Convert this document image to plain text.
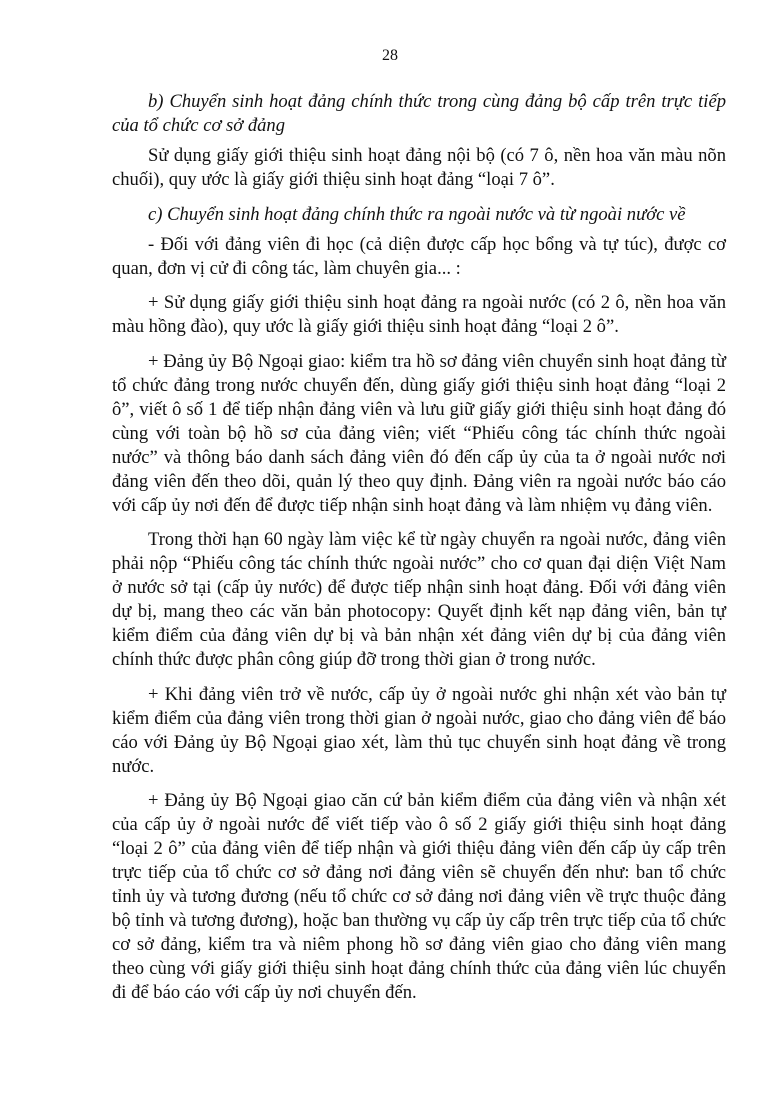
28

b) Chuyển sinh hoạt đảng chính thức trong cùng đảng bộ cấp trên trực tiếp của tổ chức cơ sở đảng

Sử dụng giấy giới thiệu sinh hoạt đảng nội bộ (có 7 ô, nền hoa văn màu nõn chuối), quy ước là giấy giới thiệu sinh hoạt đảng “loại 7 ô”.

c) Chuyển sinh hoạt đảng chính thức ra ngoài nước và từ ngoài nước về

- Đối với đảng viên đi học (cả diện được cấp học bổng và tự túc), được cơ quan, đơn vị cử đi công tác, làm chuyên gia... :

+ Sử dụng giấy giới thiệu sinh hoạt đảng ra ngoài nước (có 2 ô, nền hoa văn màu hồng đào), quy ước là giấy giới thiệu sinh hoạt đảng “loại 2 ô”.

+ Đảng ủy Bộ Ngoại giao: kiểm tra hồ sơ đảng viên chuyển sinh hoạt đảng từ tổ chức đảng trong nước chuyển đến, dùng giấy giới thiệu sinh hoạt đảng “loại 2 ô”, viết ô số 1 để tiếp nhận đảng viên và lưu giữ giấy giới thiệu sinh hoạt đảng đó cùng với toàn bộ hồ sơ của đảng viên; viết “Phiếu công tác chính thức ngoài nước” và thông báo danh sách đảng viên đó đến cấp ủy của ta ở ngoài nước nơi đảng viên đến theo dõi, quản lý theo quy định. Đảng viên ra ngoài nước báo cáo với cấp ủy nơi đến để được tiếp nhận sinh hoạt đảng và làm nhiệm vụ đảng viên.

Trong thời hạn 60 ngày làm việc kể từ ngày chuyển ra ngoài nước, đảng viên phải nộp “Phiếu công tác chính thức ngoài nước” cho cơ quan đại diện Việt Nam ở nước sở tại (cấp ủy nước) để được tiếp nhận sinh hoạt đảng. Đối với đảng viên dự bị, mang theo các văn bản photocopy: Quyết định kết nạp đảng viên, bản tự kiểm điểm của đảng viên dự bị và bản nhận xét đảng viên dự bị của đảng viên chính thức được phân công giúp đỡ trong thời gian ở trong nước.

+ Khi đảng viên trở về nước, cấp ủy ở ngoài nước ghi nhận xét vào bản tự kiểm điểm của đảng viên trong thời gian ở ngoài nước, giao cho đảng viên để báo cáo với Đảng ủy Bộ Ngoại giao xét, làm thủ tục chuyển sinh hoạt đảng về trong nước.

+ Đảng ủy Bộ Ngoại giao căn cứ bản kiểm điểm của đảng viên và nhận xét của cấp ủy ở ngoài nước để viết tiếp vào ô số 2 giấy giới thiệu sinh hoạt đảng “loại 2 ô” của đảng viên để tiếp nhận và giới thiệu đảng viên đến cấp ủy cấp trên trực tiếp của tổ chức cơ sở đảng nơi đảng viên sẽ chuyển đến như: ban tổ chức tỉnh ủy và tương đương (nếu tổ chức cơ sở đảng nơi đảng viên về trực thuộc đảng bộ tỉnh và tương đương), hoặc ban thường vụ cấp ủy cấp trên trực tiếp của tổ chức cơ sở đảng, kiểm tra và niêm phong hồ sơ đảng viên giao cho đảng viên mang theo cùng với giấy giới thiệu sinh hoạt đảng chính thức của đảng viên lúc chuyển đi để báo cáo với cấp ủy nơi chuyển đến.
